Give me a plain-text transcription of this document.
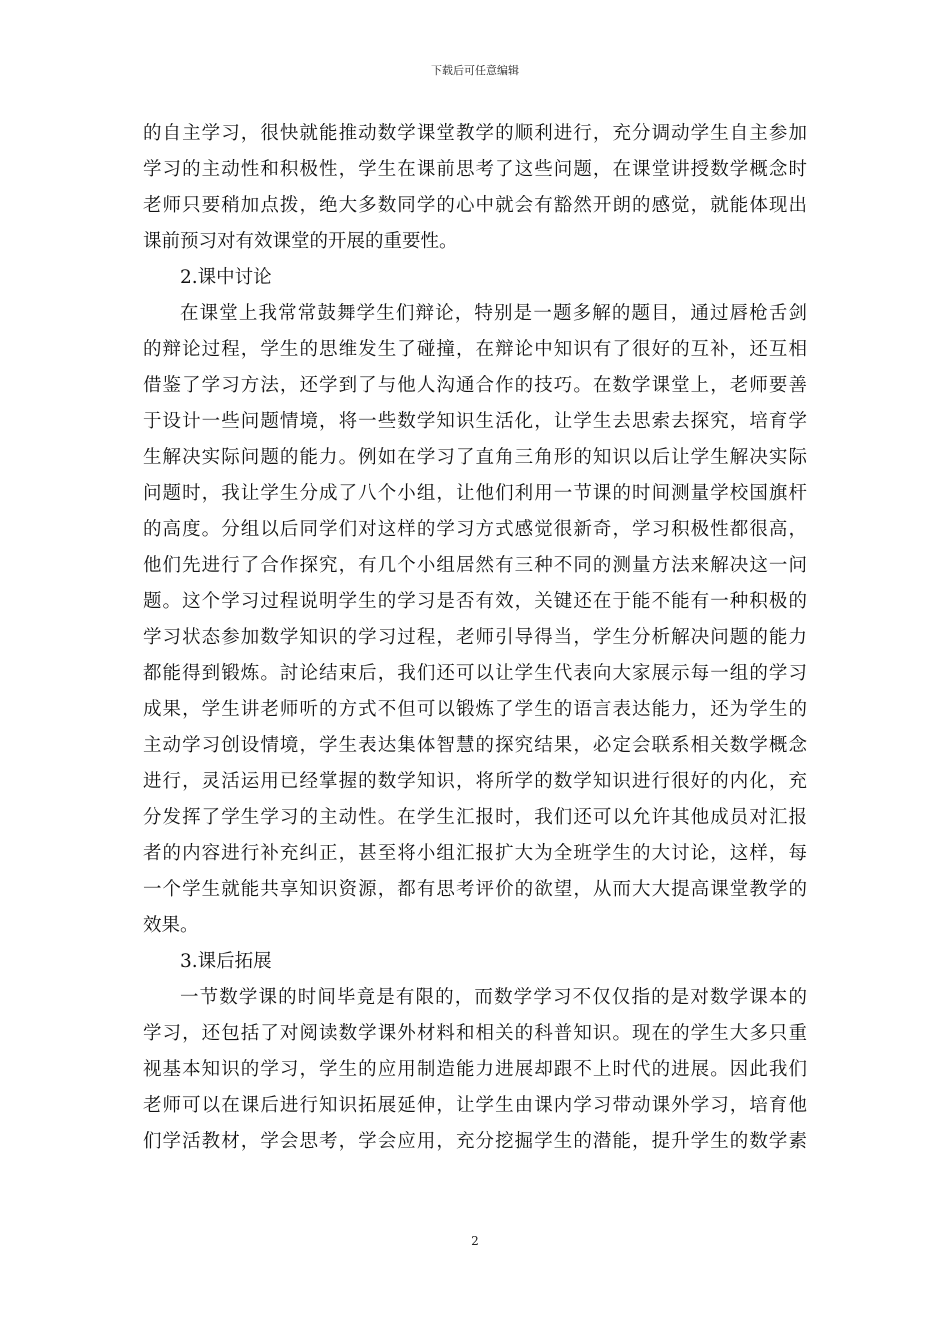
下载后可任意编辑
的自主学习，很快就能推动数学课堂教学的顺利进行，充分调动学生自主参加
学习的主动性和积极性，学生在课前思考了这些问题，在课堂讲授数学概念时
老师只要稍加点拨，绝大多数同学的心中就会有豁然开朗的感觉，就能体现出
课前预习对有效课堂的开展的重要性。
2.课中讨论
在课堂上我常常鼓舞学生们辩论，特别是一题多解的题目，通过唇枪舌剑
的辩论过程，学生的思维发生了碰撞，在辩论中知识有了很好的互补，还互相
借鉴了学习方法，还学到了与他人沟通合作的技巧。在数学课堂上，老师要善
于设计一些问题情境，将一些数学知识生活化，让学生去思索去探究，培育学
生解决实际问题的能力。例如在学习了直角三角形的知识以后让学生解决实际
问题时，我让学生分成了八个小组，让他们利用一节课的时间测量学校国旗杆
的高度。分组以后同学们对这样的学习方式感觉很新奇，学习积极性都很高，
他们先进行了合作探究，有几个小组居然有三种不同的测量方法来解决这一问
题。这个学习过程说明学生的学习是否有效，关键还在于能不能有一种积极的
学习状态参加数学知识的学习过程，老师引导得当，学生分析解决问题的能力
都能得到锻炼。討论结束后，我们还可以让学生代表向大家展示每一组的学习
成果，学生讲老师听的方式不但可以锻炼了学生的语言表达能力，还为学生的
主动学习创设情境，学生表达集体智慧的探究结果，必定会联系相关数学概念
进行，灵活运用已经掌握的数学知识，将所学的数学知识进行很好的内化，充
分发挥了学生学习的主动性。在学生汇报时，我们还可以允许其他成员对汇报
者的内容进行补充纠正，甚至将小组汇报扩大为全班学生的大讨论，这样，每
一个学生就能共享知识资源，都有思考评价的欲望，从而大大提高课堂教学的
效果。
3.课后拓展
一节数学课的时间毕竟是有限的，而数学学习不仅仅指的是对数学课本的
学习，还包括了对阅读数学课外材料和相关的科普知识。现在的学生大多只重
视基本知识的学习，学生的应用制造能力进展却跟不上时代的进展。因此我们
老师可以在课后进行知识拓展延伸，让学生由课内学习带动课外学习，培育他
们学活教材，学会思考，学会应用，充分挖掘学生的潜能，提升学生的数学素
2
